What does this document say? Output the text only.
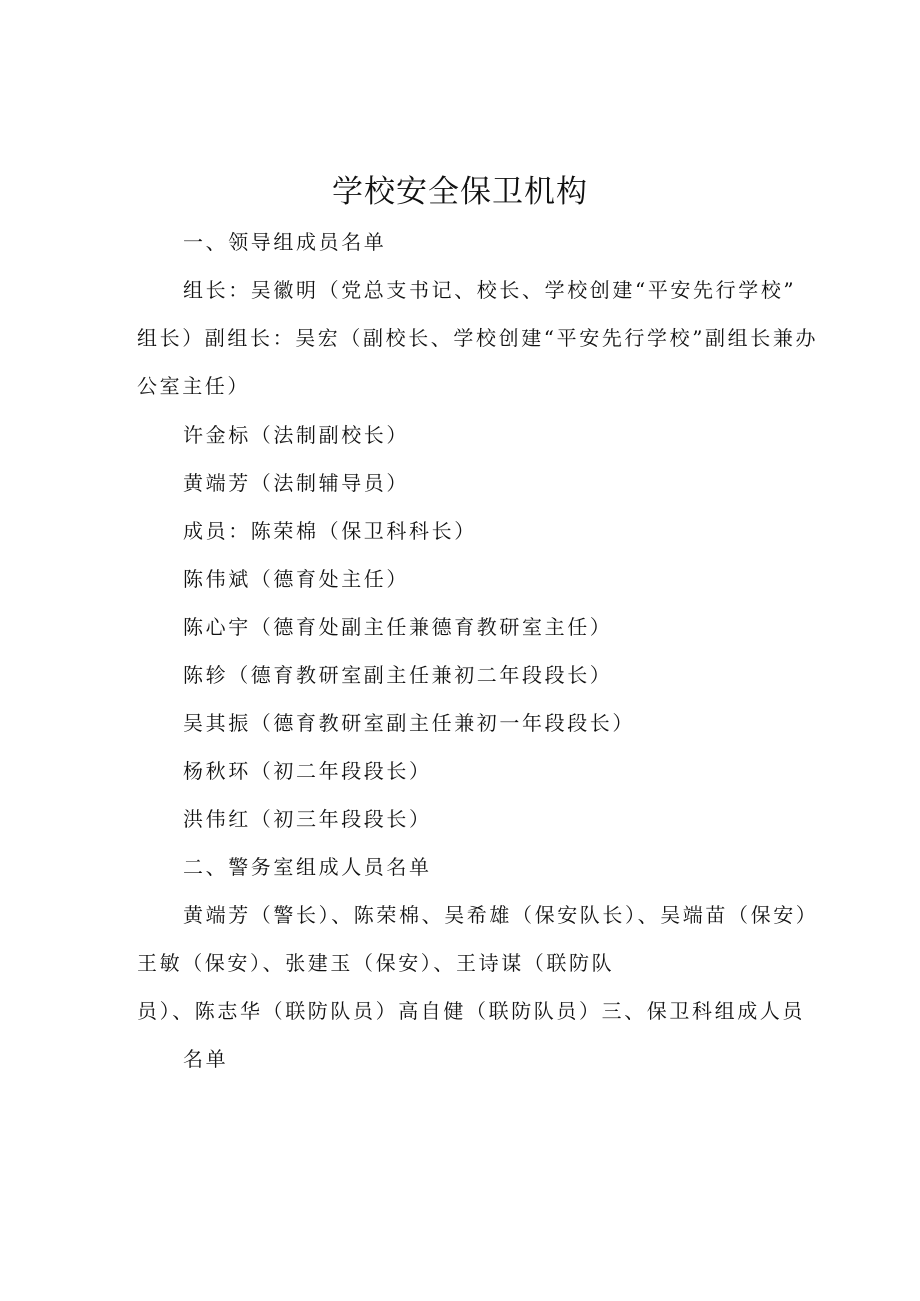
学校安全保卫机构

一、领导组成员名单

组长：吴徽明（党总支书记、校长、学校创建“平安先行学校”

组长）副组长：吴宏（副校长、学校创建“平安先行学校”副组长兼办

公室主任）

许金标（法制副校长）

黄端芳（法制辅导员）

成员：陈荣棉（保卫科科长）

陈伟斌（德育处主任）

陈心宇（德育处副主任兼德育教研室主任）

陈轸（德育教研室副主任兼初二年段段长）

吴其振（德育教研室副主任兼初一年段段长）

杨秋环（初二年段段长）

洪伟红（初三年段段长）

二、警务室组成人员名单

黄端芳（警长）、陈荣棉、吴希雄（保安队长）、吴端苗（保安）

王敏（保安）、张建玉（保安）、王诗谋（联防队

员）、陈志华（联防队员）高自健（联防队员）三、保卫科组成人员

名单
